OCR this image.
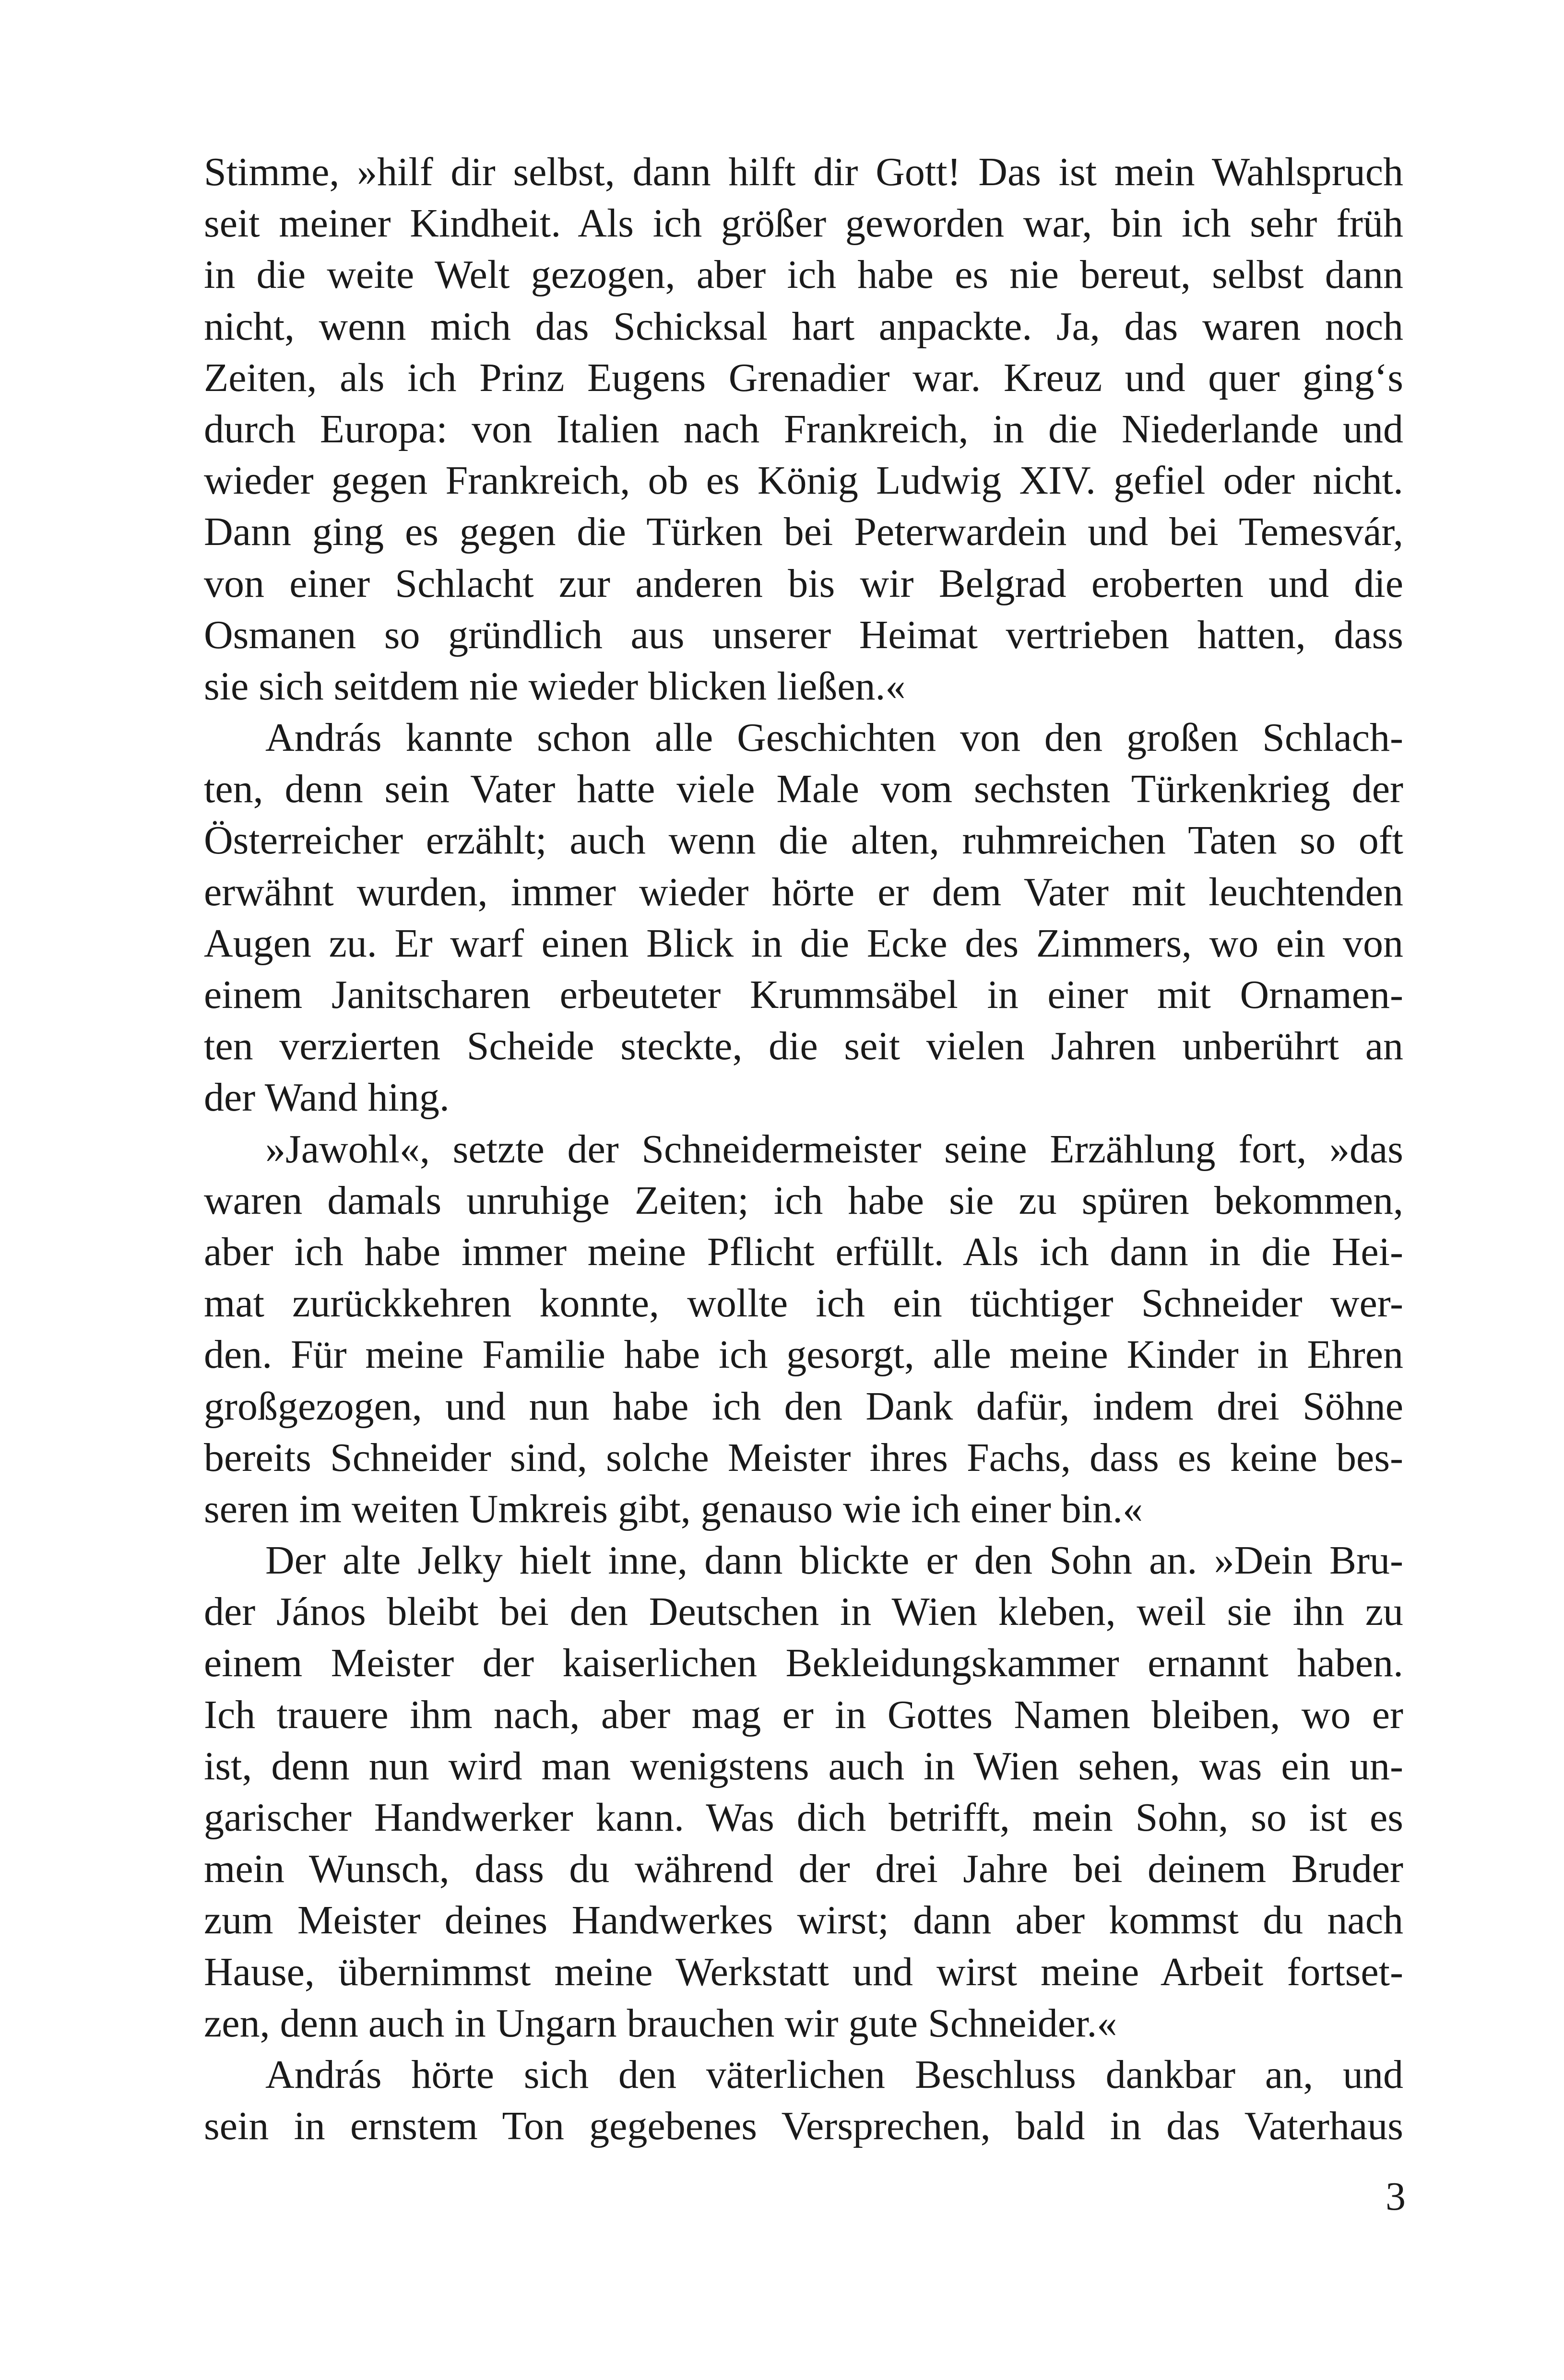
Stimme, »hilf dir selbst, dann hilft dir Gott! Das ist mein Wahlspruch
seit meiner Kindheit. Als ich größer geworden war, bin ich sehr früh
in die weite Welt gezogen, aber ich habe es nie bereut, selbst dann
nicht, wenn mich das Schicksal hart anpackte. Ja, das waren noch
Zeiten, als ich Prinz Eugens Grenadier war. Kreuz und quer ging‘s
durch Europa: von Italien nach Frankreich, in die Niederlande und
wieder gegen Frankreich, ob es König Ludwig XIV. gefiel oder nicht.
Dann ging es gegen die Türken bei Peterwardein und bei Temesvár,
von einer Schlacht zur anderen bis wir Belgrad eroberten und die
Osmanen so gründlich aus unserer Heimat vertrieben hatten, dass
sie sich seitdem nie wieder blicken ließen.«
András kannte schon alle Geschichten von den großen Schlach-
ten, denn sein Vater hatte viele Male vom sechsten Türkenkrieg der
Österreicher erzählt; auch wenn die alten, ruhmreichen Taten so oft
erwähnt wurden, immer wieder hörte er dem Vater mit leuchtenden
Augen zu. Er warf einen Blick in die Ecke des Zimmers, wo ein von
einem Janitscharen erbeuteter Krummsäbel in einer mit Ornamen-
ten verzierten Scheide steckte, die seit vielen Jahren unberührt an
der Wand hing.
»Jawohl«, setzte der Schneidermeister seine Erzählung fort, »das
waren damals unruhige Zeiten; ich habe sie zu spüren bekommen,
aber ich habe immer meine Pflicht erfüllt. Als ich dann in die Hei-
mat zurückkehren konnte, wollte ich ein tüchtiger Schneider wer-
den. Für meine Familie habe ich gesorgt, alle meine Kinder in Ehren
großgezogen, und nun habe ich den Dank dafür, indem drei Söhne
bereits Schneider sind, solche Meister ihres Fachs, dass es keine bes-
seren im weiten Umkreis gibt, genauso wie ich einer bin.«
Der alte Jelky hielt inne, dann blickte er den Sohn an. »Dein Bru-
der János bleibt bei den Deutschen in Wien kleben, weil sie ihn zu
einem Meister der kaiserlichen Bekleidungskammer ernannt haben.
Ich trauere ihm nach, aber mag er in Gottes Namen bleiben, wo er
ist, denn nun wird man wenigstens auch in Wien sehen, was ein un-
garischer Handwerker kann. Was dich betrifft, mein Sohn, so ist es
mein Wunsch, dass du während der drei Jahre bei deinem Bruder
zum Meister deines Handwerkes wirst; dann aber kommst du nach
Hause, übernimmst meine Werkstatt und wirst meine Arbeit fortset-
zen, denn auch in Ungarn brauchen wir gute Schneider.«
András hörte sich den väterlichen Beschluss dankbar an, und
sein in ernstem Ton gegebenes Versprechen, bald in das Vaterhaus
3
